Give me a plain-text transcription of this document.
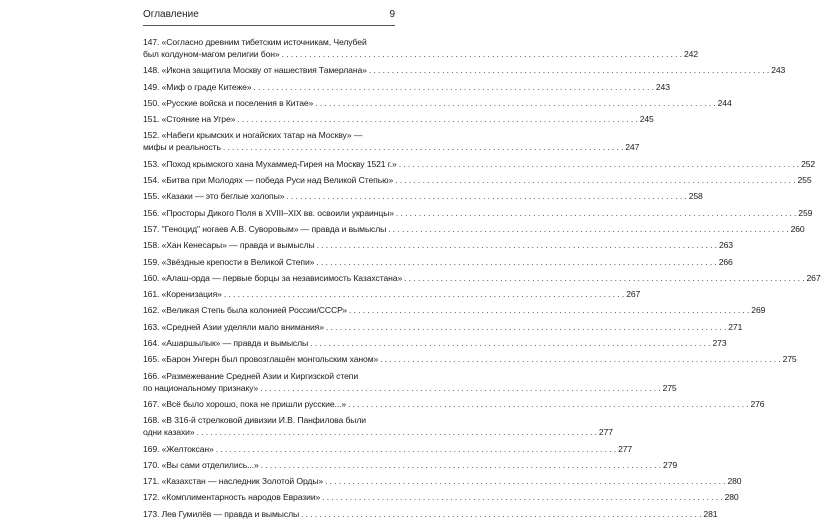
Оглавление	9
147. «Согласно древним тибетским источникам, Челубей
был колдуном-магом религии бон» . . .	242
148. «Икона защитила Москву от нашествия Тамерлана» . . .	243
149. «Миф о граде Китеже» . . .	243
150. «Русские войска и поселения в Китае» . . .	244
151. «Стояние на Угре» . . .	245
152. «Набеги крымских и ногайских татар на Москву» —
мифы и реальность . . .	247
153. «Поход крымского хана Мухаммед-Гирея на Москву 1521 г.» . . .	252
154. «Битва при Молодях — победа Руси над Великой Степью» . . .	255
155. «Казаки — это беглые холопы» . . .	258
156. «Просторы Дикого Поля в XVIII–XIX вв. освоили украинцы» . . .	259
157. "Геноцид" ногаев А.В. Суворовым» — правда и вымыслы . . .	260
158. «Хан Кенесары» — правда и вымыслы . . .	263
159. «Звёздные крепости в Великой Степи» . . .	266
160. «Алаш-орда — первые борцы за независимость Казахстана» . . .	267
161. «Коренизация» . . .	267
162. «Великая Степь была колонией России/СССР» . . .	269
163. «Средней Азии уделяли мало внимания» . . .	271
164. «Ашаршылык» — правда и вымыслы . . .	273
165. «Барон Унгерн был провозглашён монгольским ханом» . . .	275
166. «Размежевание Средней Азии и Киргизской степи
по национальному признаку» . . .	275
167. «Всё было хорошо, пока не пришли русские...» . . .	276
168. «В 316-й стрелковой дивизии И.В. Панфилова были
одни казахи» . . .	277
169. «Желтоксан» . . .	277
170. «Вы сами отделились...» . . .	279
171. «Казахстан — наследник Золотой Орды» . . .	280
172. «Комплиментарность народов Евразии» . . .	280
173. Лев Гумилёв — правда и вымыслы . . .	281
